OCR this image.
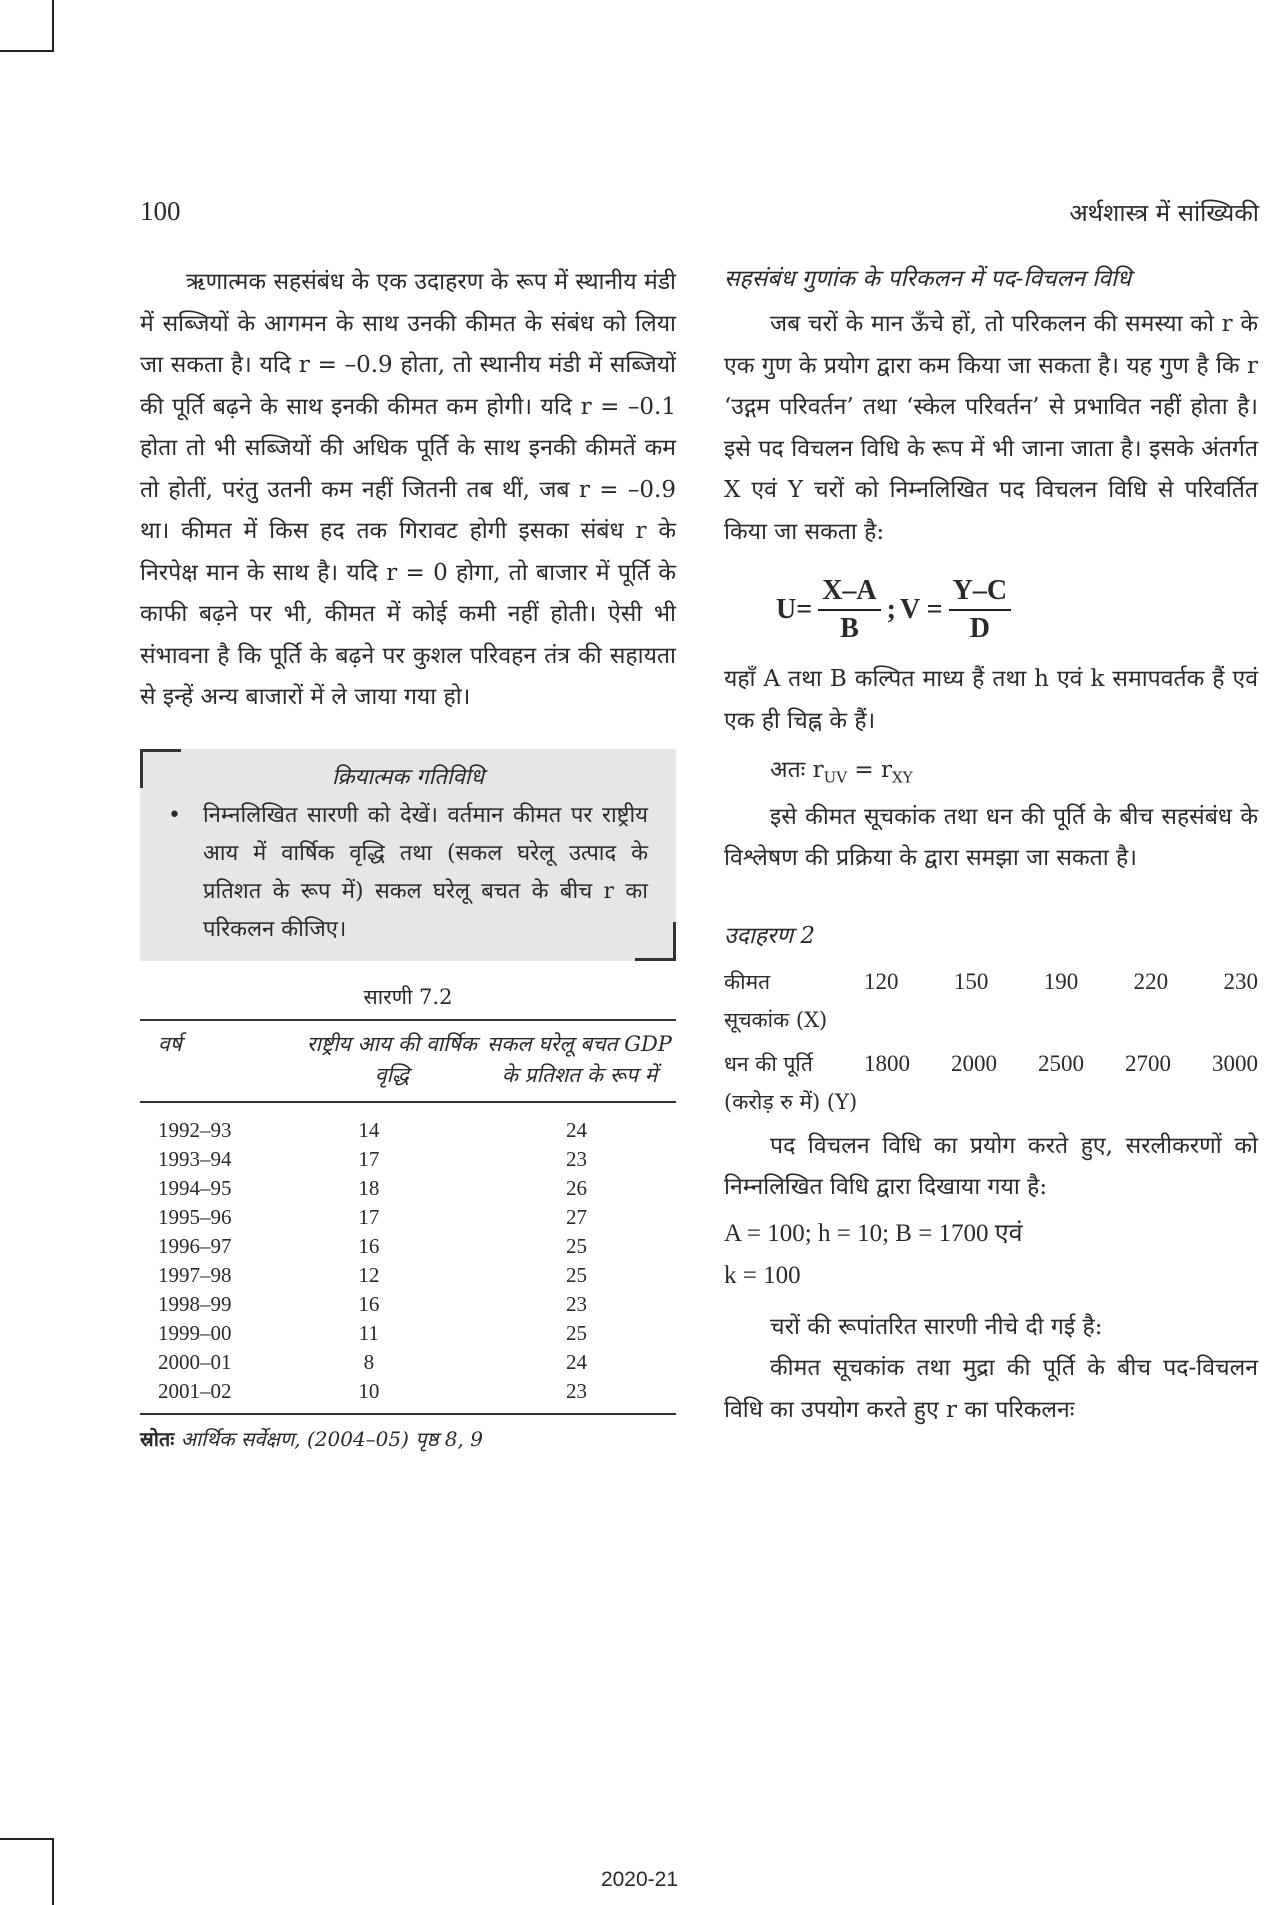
100	अर्थशास्त्र में सांख्यिकी

ऋणात्मक सहसंबंध के एक उदाहरण के रूप में स्थानीय मंडी में सब्जियों के आगमन के साथ उनकी कीमत के संबंध को लिया जा सकता है। यदि r = –0.9 होता, तो स्थानीय मंडी में सब्जियों की पूर्ति बढ़ने के साथ इनकी कीमत कम होगी। यदि r = –0.1 होता तो भी सब्जियों की अधिक पूर्ति के साथ इनकी कीमतें कम तो होतीं, परंतु उतनी कम नहीं जितनी तब थीं, जब r = –0.9 था। कीमत में किस हद तक गिरावट होगी इसका संबंध r के निरपेक्ष मान के साथ है। यदि r = 0 होगा, तो बाजार में पूर्ति के काफी बढ़ने पर भी, कीमत में कोई कमी नहीं होती। ऐसी भी संभावना है कि पूर्ति के बढ़ने पर कुशल परिवहन तंत्र की सहायता से इन्हें अन्य बाजारों में ले जाया गया हो।

क्रियात्मक गतिविधि
• निम्नलिखित सारणी को देखें। वर्तमान कीमत पर राष्ट्रीय आय में वार्षिक वृद्धि तथा (सकल घरेलू उत्पाद के प्रतिशत के रूप में) सकल घरेलू बचत के बीच r का परिकलन कीजिए।
सारणी 7.2
वर्ष	राष्ट्रीय आय की वार्षिक वृद्धि	सकल घरेलू बचत GDP के प्रतिशत के रूप में
1992–93	14	24
1993–94	17	23
1994–95	18	26
1995–96	17	27
1996–97	16	25
1997–98	12	25
1998–99	16	23
1999–00	11	25
2000–01	8	24
2001–02	10	23
स्रोतः आर्थिक सर्वेक्षण, (2004–05) पृष्ठ 8, 9
सहसंबंध गुणांक के परिकलन में पद-विचलन विधि

जब चरों के मान ऊँचे हों, तो परिकलन की समस्या को r के एक गुण के प्रयोग द्वारा कम किया जा सकता है। यह गुण है कि r ‘उद्गम परिवर्तन’ तथा ‘स्केल परिवर्तन’ से प्रभावित नहीं होता है। इसे पद विचलन विधि के रूप में भी जाना जाता है। इसके अंतर्गत X एवं Y चरों को निम्नलिखित पद विचलन विधि से परिवर्तित किया जा सकता है:

$U= \frac{X-A}{B}$ ; $V = \frac{Y-C}{D}$

यहाँ A तथा B कल्पित माध्य हैं तथा h एवं k समापवर्तक हैं एवं एक ही चिह्न के हैं।

अतः $r_{UV} = r_{XY}$

इसे कीमत सूचकांक तथा धन की पूर्ति के बीच सहसंबंध के विश्लेषण की प्रक्रिया के द्वारा समझा जा सकता है।

उदाहरण 2
कीमत	120 150 190 220 230
सूचकांक (X)
धन की पूर्ति	1800 2000 2500 2700 3000
(करोड़ रु में) (Y)

पद विचलन विधि का प्रयोग करते हुए, सरलीकरणों को निम्नलिखित विधि द्वारा दिखाया गया है:

A = 100; h = 10; B = 1700 एवं
k = 100

चरों की रूपांतरित सारणी नीचे दी गई है:

कीमत सूचकांक तथा मुद्रा की पूर्ति के बीच पद-विचलन विधि का उपयोग करते हुए r का परिकलनः

2020-21
